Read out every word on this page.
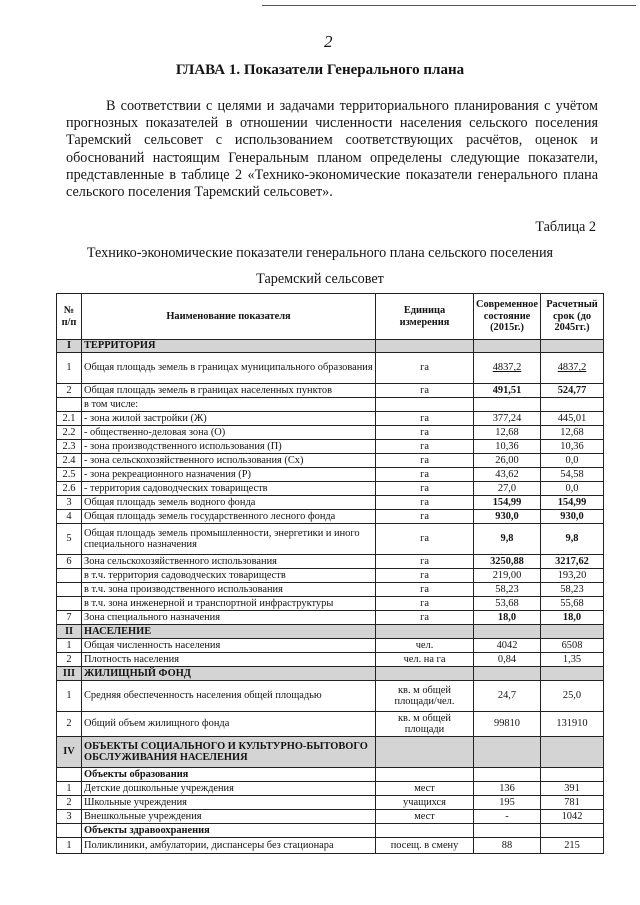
2
ГЛАВА 1. Показатели Генерального плана
В соответствии с целями и задачами территориального планирования с учётом прогнозных показателей в отношении численности населения сельского поселения Таремский сельсовет с использованием соответствующих расчётов, оценок и обоснований настоящим Генеральным планом определены следующие показатели, представленные в таблице 2 «Технико-экономические показатели генерального плана сельского поселения Таремский сельсовет».
Таблица 2
Технико-экономические показатели генерального плана сельского поселения
Таремский сельсовет
№ п/п	Наименование показателя	Единица измерения	Современное состояние (2015г.)	Расчетный срок (до 2045гг.)
I	ТЕРРИТОРИЯ			
1	Общая площадь земель в границах муниципального образования	га	4837,2	4837,2
2	Общая площадь земель в границах населенных пунктов	га	491,51	524,77
	в том числе:			
2.1	- зона жилой застройки (Ж)	га	377,24	445,01
2.2	- общественно-деловая зона (О)	га	12,68	12,68
2.3	- зона производственного использования (П)	га	10,36	10,36
2.4	- зона сельскохозяйственного использования (Сх)	га	26,00	0,0
2.5	- зона рекреационного назначения (Р)	га	43,62	54,58
2.6	- территория садоводческих товариществ	га	27,0	0,0
3	Общая площадь земель водного фонда	га	154,99	154,99
4	Общая площадь земель государственного лесного фонда	га	930,0	930,0
5	Общая площадь земель промышленности, энергетики и иного специального назначения	га	9,8	9,8
6	Зона сельскохозяйственного использования	га	3250,88	3217,62
	в т.ч. территория садоводческих товариществ	га	219,00	193,20
	в т.ч. зона производственного использования	га	58,23	58,23
	в т.ч. зона инженерной и транспортной инфраструктуры	га	53,68	55,68
7	Зона специального назначения	га	18,0	18,0
II	НАСЕЛЕНИЕ			
1	Общая численность населения	чел.	4042	6508
2	Плотность населения	чел. на га	0,84	1,35
III	ЖИЛИЩНЫЙ ФОНД			
1	Средняя обеспеченность населения общей площадью	кв. м общей площади/чел.	24,7	25,0
2	Общий объем жилищного фонда	кв. м общей площади	99810	131910
IV	ОБЪЕКТЫ СОЦИАЛЬНОГО И КУЛЬТУРНО-БЫТОВОГО ОБСЛУЖИВАНИЯ НАСЕЛЕНИЯ			
	Объекты образования			
1	Детские дошкольные учреждения	мест	136	391
2	Школьные учреждения	учащихся	195	781
3	Внешкольные учреждения	мест	-	1042
	Объекты здравоохранения			
1	Поликлиники, амбулатории, диспансеры без стационара	посещ. в смену	88	215
